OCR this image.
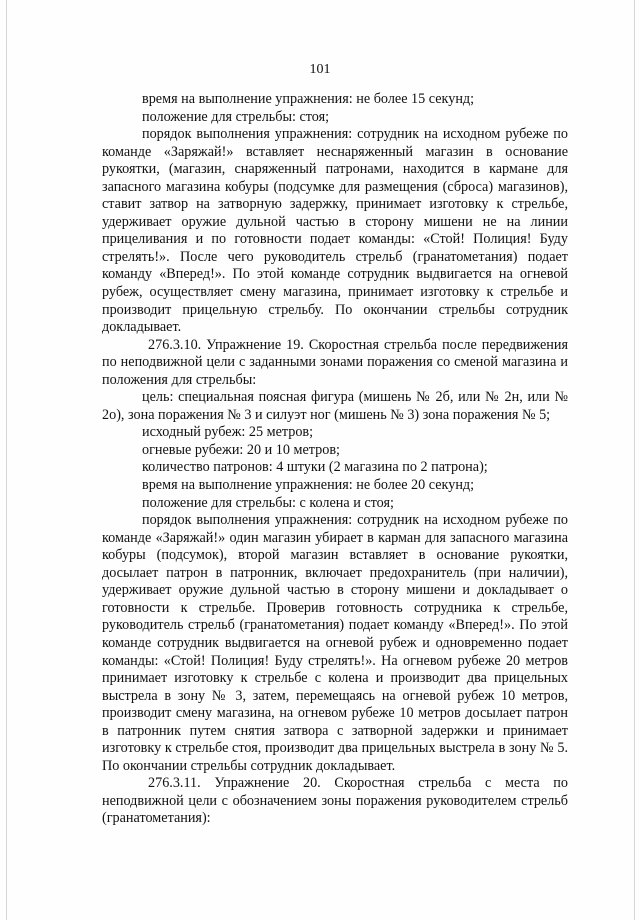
101

время на выполнение упражнения: не более 15 секунд;

положение для стрельбы: стоя;

порядок выполнения упражнения: сотрудник на исходном рубеже по команде «Заряжай!» вставляет неснаряженный магазин в основание рукоятки, (магазин, снаряженный патронами, находится в кармане для запасного магазина кобуры (подсумке для размещения (сброса) магазинов), ставит затвор на затворную задержку, принимает изготовку к стрельбе, удерживает оружие дульной частью в сторону мишени не на линии прицеливания и по готовности подает команды: «Стой! Полиция! Буду стрелять!». После чего руководитель стрельб (гранатометания) подает команду «Вперед!». По этой команде сотрудник выдвигается на огневой рубеж, осуществляет смену магазина, принимает изготовку к стрельбе и производит прицельную стрельбу. По окончании стрельбы сотрудник докладывает.

276.3.10. Упражнение 19. Скоростная стрельба после передвижения по неподвижной цели с заданными зонами поражения со сменой магазина и положения для стрельбы:

цель: специальная поясная фигура (мишень № 2б, или № 2н, или № 2о), зона поражения № 3 и силуэт ног (мишень № 3) зона поражения № 5;

исходный рубеж: 25 метров;

огневые рубежи: 20 и 10 метров;

количество патронов: 4 штуки (2 магазина по 2 патрона);

время на выполнение упражнения: не более 20 секунд;

положение для стрельбы: с колена и стоя;

порядок выполнения упражнения: сотрудник на исходном рубеже по команде «Заряжай!» один магазин убирает в карман для запасного магазина кобуры (подсумок), второй магазин вставляет в основание рукоятки, досылает патрон в патронник, включает предохранитель (при наличии), удерживает оружие дульной частью в сторону мишени и докладывает о готовности к стрельбе. Проверив готовность сотрудника к стрельбе, руководитель стрельб (гранатометания) подает команду «Вперед!». По этой команде сотрудник выдвигается на огневой рубеж и одновременно подает команды: «Стой! Полиция! Буду стрелять!». На огневом рубеже 20 метров принимает изготовку к стрельбе с колена и производит два прицельных выстрела в зону № 3, затем, перемещаясь на огневой рубеж 10 метров, производит смену магазина, на огневом рубеже 10 метров досылает патрон в патронник путем снятия затвора с затворной задержки и принимает изготовку к стрельбе стоя, производит два прицельных выстрела в зону № 5. По окончании стрельбы сотрудник докладывает.

276.3.11. Упражнение 20. Скоростная стрельба с места по неподвижной цели с обозначением зоны поражения руководителем стрельб (гранатометания):
